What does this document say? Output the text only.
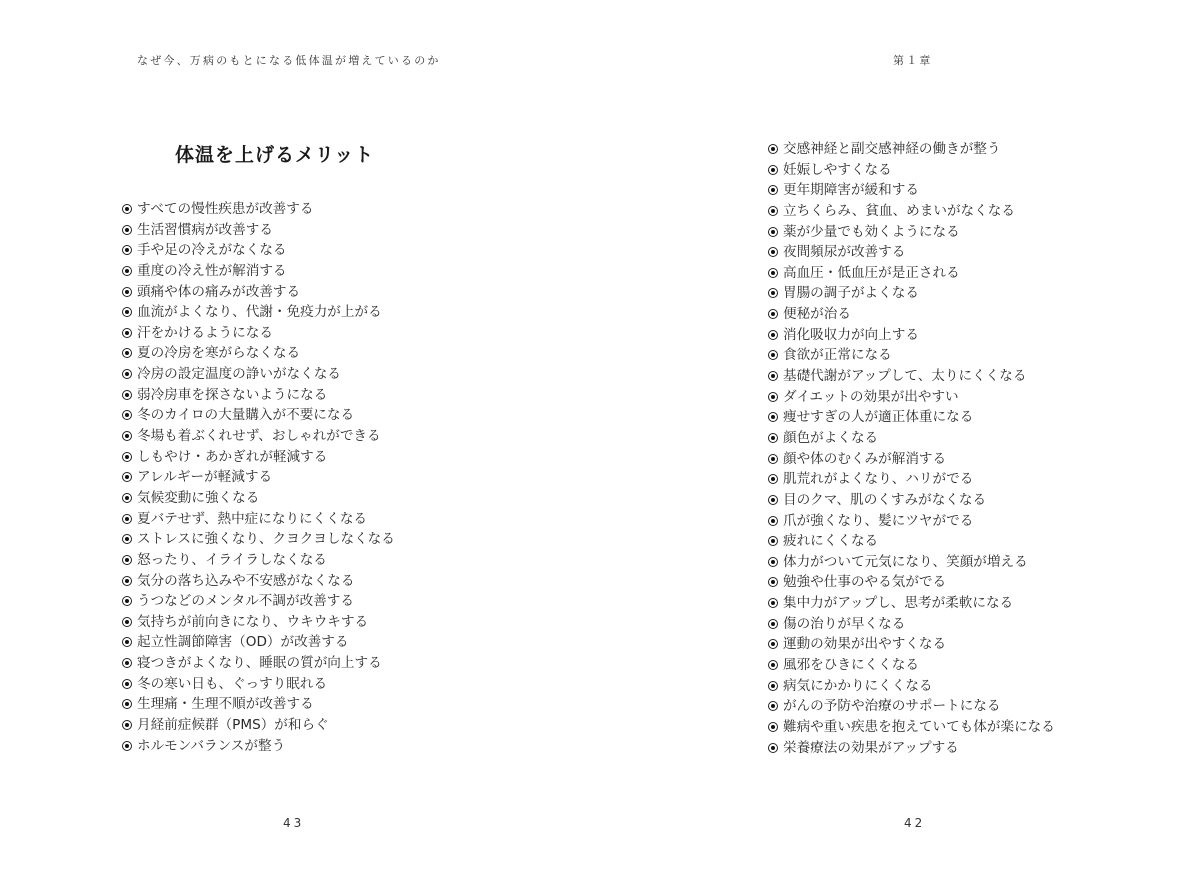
なぜ今、万病のもとになる低体温が増えているのか	第１章
体温を上げるメリット
すべての慢性疾患が改善する
生活習慣病が改善する
手や足の冷えがなくなる
重度の冷え性が解消する
頭痛や体の痛みが改善する
血流がよくなり、代謝・免疫力が上がる
汗をかけるようになる
夏の冷房を寒がらなくなる
冷房の設定温度の諍いがなくなる
弱冷房車を探さないようになる
冬のカイロの大量購入が不要になる
冬場も着ぶくれせず、おしゃれができる
しもやけ・あかぎれが軽減する
アレルギーが軽減する
気候変動に強くなる
夏バテせず、熱中症になりにくくなる
ストレスに強くなり、クヨクヨしなくなる
怒ったり、イライラしなくなる
気分の落ち込みや不安感がなくなる
うつなどのメンタル不調が改善する
気持ちが前向きになり、ウキウキする
起立性調節障害（OD）が改善する
寝つきがよくなり、睡眠の質が向上する
冬の寒い日も、ぐっすり眠れる
生理痛・生理不順が改善する
月経前症候群（PMS）が和らぐ
ホルモンバランスが整う
交感神経と副交感神経の働きが整う
妊娠しやすくなる
更年期障害が緩和する
立ちくらみ、貧血、めまいがなくなる
薬が少量でも効くようになる
夜間頻尿が改善する
高血圧・低血圧が是正される
胃腸の調子がよくなる
便秘が治る
消化吸収力が向上する
食欲が正常になる
基礎代謝がアップして、太りにくくなる
ダイエットの効果が出やすい
痩せすぎの人が適正体重になる
顔色がよくなる
顔や体のむくみが解消する
肌荒れがよくなり、ハリがでる
目のクマ、肌のくすみがなくなる
爪が強くなり、髪にツヤがでる
疲れにくくなる
体力がついて元気になり、笑顔が増える
勉強や仕事のやる気がでる
集中力がアップし、思考が柔軟になる
傷の治りが早くなる
運動の効果が出やすくなる
風邪をひきにくくなる
病気にかかりにくくなる
がんの予防や治療のサポートになる
難病や重い疾患を抱えていても体が楽になる
栄養療法の効果がアップする
43	42
